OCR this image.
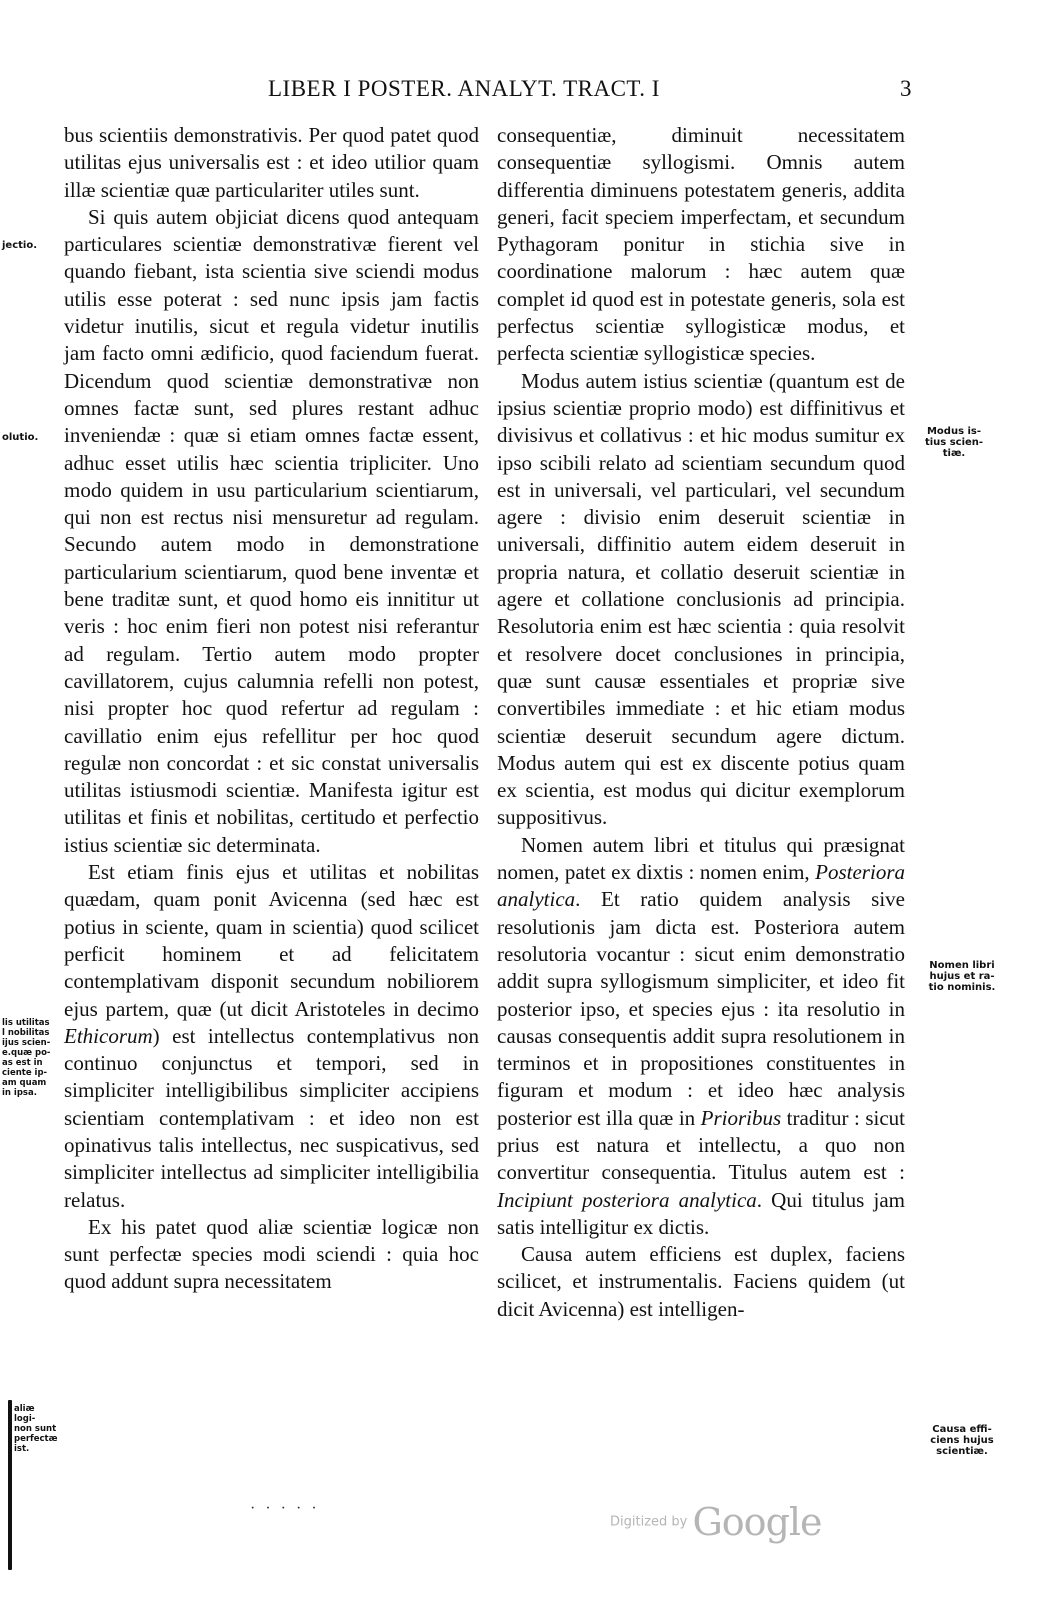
LIBER I POSTER. ANALYT. TRACT. I	3

bus scientiis demonstrativis. Per quod patet quod utilitas ejus universalis est : et ideo utilior quam illæ scientiæ quæ particulariter utiles sunt.

Si quis autem objiciat dicens quod antequam particulares scientiæ demonstrativæ fierent vel quando fiebant, ista scientia sive sciendi modus utilis esse poterat : sed nunc ipsis jam factis videtur inutilis, sicut et regula videtur inutilis jam facto omni ædificio, quod faciendum fuerat. Dicendum quod scientiæ demonstrativæ non omnes factæ sunt, sed plures restant adhuc inveniendæ : quæ si etiam omnes factæ essent, adhuc esset utilis hæc scientia tripliciter. Uno modo quidem in usu particularium scientiarum, qui non est rectus nisi mensuretur ad regulam. Secundo autem modo in demonstratione particularium scientiarum, quod bene inventæ et bene traditæ sunt, et quod homo eis innititur ut veris : hoc enim fieri non potest nisi referantur ad regulam. Tertio autem modo propter cavillatorem, cujus calumnia refelli non potest, nisi propter hoc quod refertur ad regulam : cavillatio enim ejus refellitur per hoc quod regulæ non concordat : et sic constat universalis utilitas istiusmodi scientiæ. Manifesta igitur est utilitas et finis et nobilitas, certitudo et perfectio istius scientiæ sic determinata.

Est etiam finis ejus et utilitas et nobilitas quædam, quam ponit Avicenna (sed hæc est potius in sciente, quam in scientia) quod scilicet perficit hominem et ad felicitatem contemplativam disponit secundum nobiliorem ejus partem, quæ (ut dicit Aristoteles in decimo Ethicorum) est intellectus contemplativus non continuo conjunctus et tempori, sed in simpliciter intelligibilibus simpliciter accipiens scientiam contemplativam : et ideo non est opinativus talis intellectus, nec suspicativus, sed simpliciter intellectus ad simpliciter intelligibilia relatus.

Ex his patet quod aliæ scientiæ logicæ non sunt perfectæ species modi sciendi : quia hoc quod addunt supra necessitatem

consequentiæ, diminuit necessitatem consequentiæ syllogismi. Omnis autem differentia diminuens potestatem generis, addita generi, facit speciem imperfectam, et secundum Pythagoram ponitur in stichia sive in coordinatione malorum : hæc autem quæ complet id quod est in potestate generis, sola est perfectus scientiæ syllogisticæ modus, et perfecta scientiæ syllogisticæ species.

Modus autem istius scientiæ (quantum est de ipsius scientiæ proprio modo) est diffinitivus et divisivus et collativus : et hic modus sumitur ex ipso scibili relato ad scientiam secundum quod est in universali, vel particulari, vel secundum agere : divisio enim deseruit scientiæ in universali, diffinitio autem eidem deseruit in propria natura, et collatio deseruit scientiæ in agere et collatione conclusionis ad principia. Resolutoria enim est hæc scientia : quia resolvit et resolvere docet conclusiones in principia, quæ sunt causæ essentiales et propriæ sive convertibiles immediate : et hic etiam modus scientiæ deseruit secundum agere dictum. Modus autem qui est ex discente potius quam ex scientia, est modus qui dicitur exemplorum suppositivus.

Nomen autem libri et titulus qui præsignat nomen, patet ex dixtis : nomen enim, Posteriora analytica. Et ratio quidem analysis sive resolutionis jam dicta est. Posteriora autem resolutoria vocantur : sicut enim demonstratio addit supra syllogismum simpliciter, et ideo fit posterior ipso, et species ejus : ita resolutio in causas consequentis addit supra resolutionem in terminos et in propositiones constituentes in figuram et modum : et ideo hæc analysis posterior est illa quæ in Prioribus traditur : sicut prius est natura et intellectu, a quo non convertitur consequentia. Titulus autem est : Incipiunt posteriora analytica. Qui titulus jam satis intelligitur ex dictis.

Causa autem efficiens est duplex, faciens scilicet, et instrumentalis. Faciens quidem (ut dicit Avicenna) est intelligen-

jectio.
olutio.
lis utilitas
l nobilitas
ijus scien-
e.quæ po-
as est in
ciente ip-
am quam
in ipsa.
aliæ
logi-
non sunt
perfectæ
ist.
Modus is-
tius scien-
tiæ.
Nomen libri
hujus et ra-
tio nominis.
Causa effi-
ciens hujus
scientiæ.
· · · · ·
Digitized by Google
